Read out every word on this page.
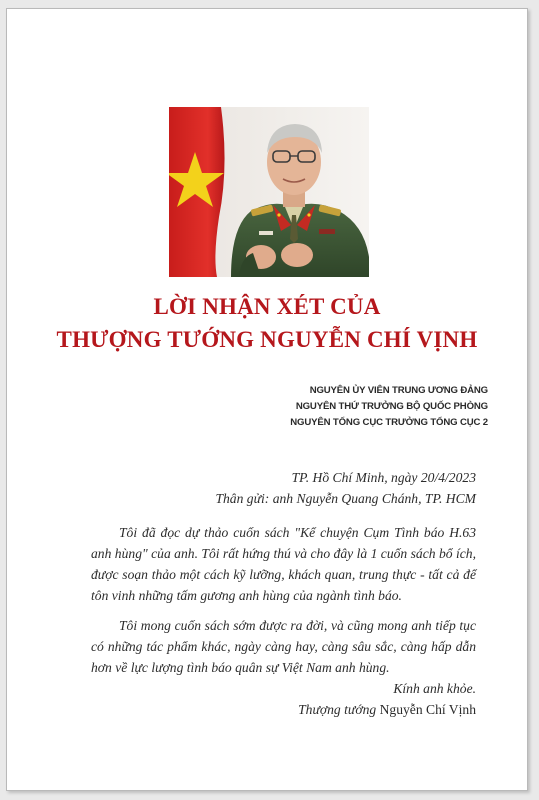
LỜI NHẬN XÉT CỦA
THƯỢNG TƯỚNG NGUYỄN CHÍ VỊNH
NGUYÊN ỦY VIÊN TRUNG ƯƠNG ĐẢNG
NGUYÊN THỨ TRƯỞNG BỘ QUỐC PHÒNG
NGUYÊN TỔNG CỤC TRƯỞNG TỔNG CỤC 2
TP. Hồ Chí Minh, ngày 20/4/2023
Thân gửi: anh Nguyễn Quang Chánh, TP. HCM

Tôi đã đọc dự thảo cuốn sách "Kể chuyện Cụm Tình báo H.63 anh hùng" của anh. Tôi rất hứng thú và cho đây là 1 cuốn sách bổ ích, được soạn thảo một cách kỹ lưỡng, khách quan, trung thực - tất cả để tôn vinh những tấm gương anh hùng của ngành tình báo.

Tôi mong cuốn sách sớm được ra đời, và cũng mong anh tiếp tục có những tác phẩm khác, ngày càng hay, càng sâu sắc, càng hấp dẫn hơn về lực lượng tình báo quân sự Việt Nam anh hùng.

Kính anh khỏe.
Thượng tướng Nguyễn Chí Vịnh
